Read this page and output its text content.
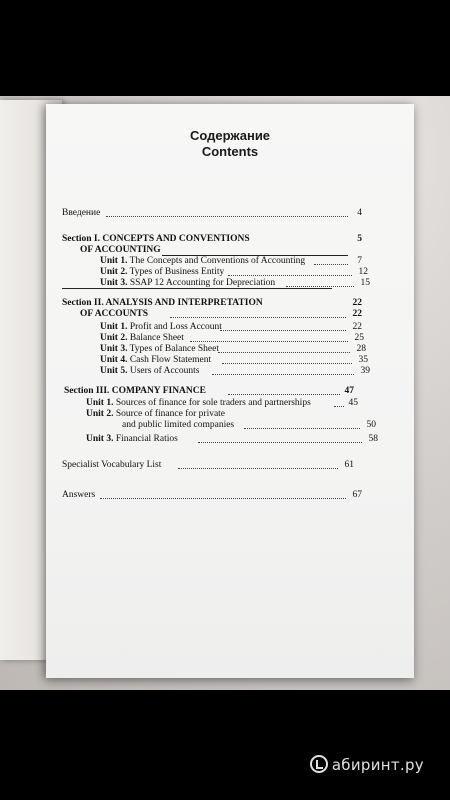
Содержание
Contents
Введение	4
Section I. CONCEPTS AND CONVENTIONS	5
OF ACCOUNTING
Unit 1. The Concepts and Conventions of Accounting	7
Unit 2. Types of Business Entity	12
Unit 3. SSAP 12 Accounting for Depreciation	15
Section II. ANALYSIS AND INTERPRETATION	22
OF ACCOUNTS	22
Unit 1. Profit and Loss Account	22
Unit 2. Balance Sheet	25
Unit 3. Types of Balance Sheet	28
Unit 4. Cash Flow Statement	35
Unit 5. Users of Accounts	39
Section III. COMPANY FINANCE	47
Unit 1. Sources of finance for sole traders and partnerships	45
Unit 2. Source of finance for private
and public limited companies	50
Unit 3. Financial Ratios	58
Specialist Vocabulary List	61
Answers	67
абиринт.ру
